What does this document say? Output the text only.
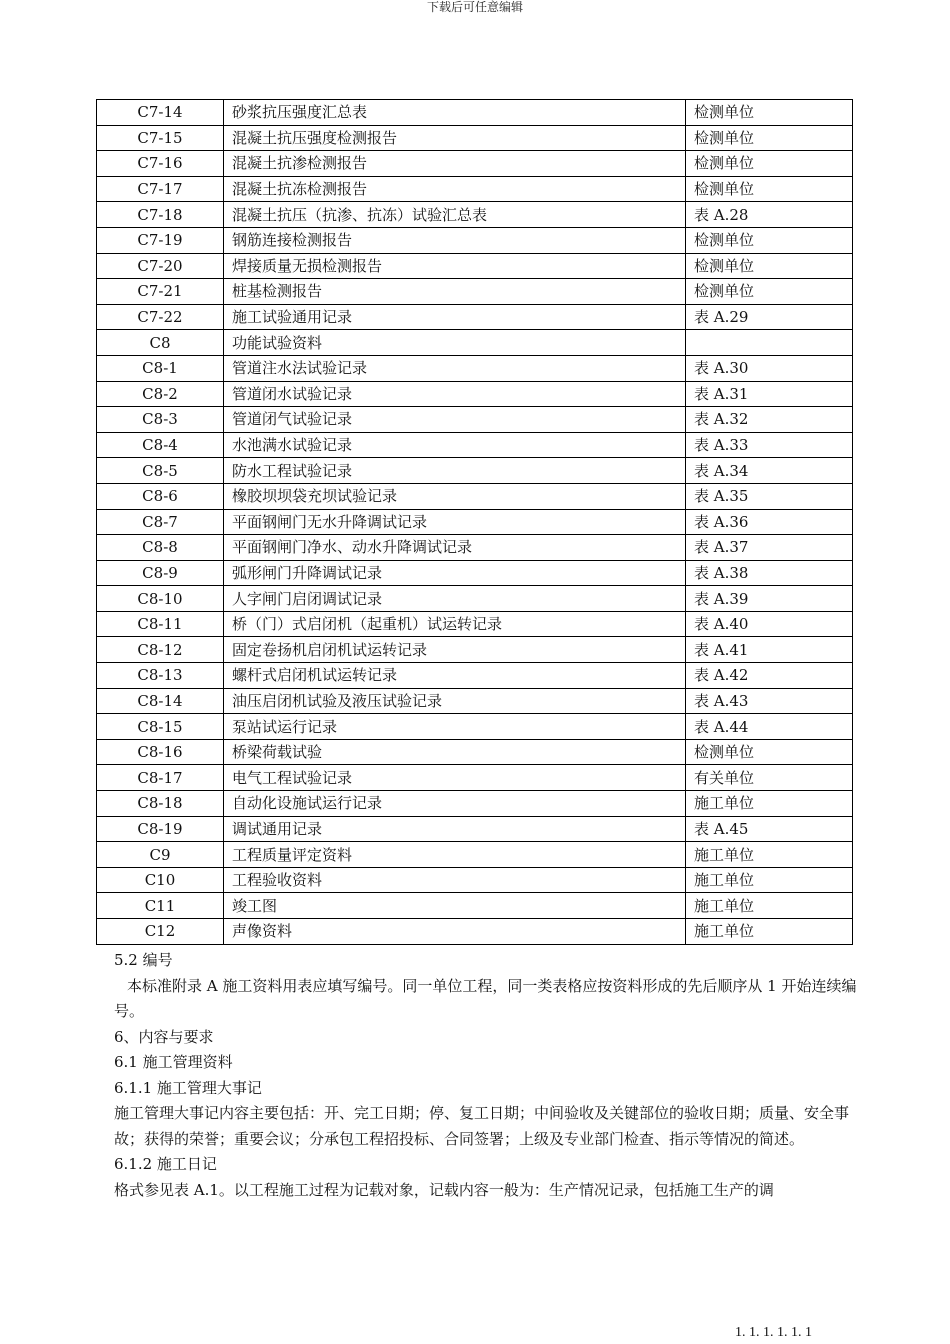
下载后可任意编辑
C7-14	砂浆抗压强度汇总表	检测单位
C7-15	混凝土抗压强度检测报告	检测单位
C7-16	混凝土抗渗检测报告	检测单位
C7-17	混凝土抗冻检测报告	检测单位
C7-18	混凝土抗压（抗渗、抗冻）试验汇总表	表 A.28
C7-19	钢筋连接检测报告	检测单位
C7-20	焊接质量无损检测报告	检测单位
C7-21	桩基检测报告	检测单位
C7-22	施工试验通用记录	表 A.29
C8	功能试验资料	
C8-1	管道注水法试验记录	表 A.30
C8-2	管道闭水试验记录	表 A.31
C8-3	管道闭气试验记录	表 A.32
C8-4	水池满水试验记录	表 A.33
C8-5	防水工程试验记录	表 A.34
C8-6	橡胶坝坝袋充坝试验记录	表 A.35
C8-7	平面钢闸门无水升降调试记录	表 A.36
C8-8	平面钢闸门净水、动水升降调试记录	表 A.37
C8-9	弧形闸门升降调试记录	表 A.38
C8-10	人字闸门启闭调试记录	表 A.39
C8-11	桥（门）式启闭机（起重机）试运转记录	表 A.40
C8-12	固定卷扬机启闭机试运转记录	表 A.41
C8-13	螺杆式启闭机试运转记录	表 A.42
C8-14	油压启闭机试验及液压试验记录	表 A.43
C8-15	泵站试运行记录	表 A.44
C8-16	桥梁荷载试验	检测单位
C8-17	电气工程试验记录	有关单位
C8-18	自动化设施试运行记录	施工单位
C8-19	调试通用记录	表 A.45
C9	工程质量评定资料	施工单位
C10	工程验收资料	施工单位
C11	竣工图	施工单位
C12	声像资料	施工单位

5.2 编号

本标准附录 A 施工资料用表应填写编号。同一单位工程，同一类表格应按资料形成的先后顺序从 1 开始连续编号。

6、内容与要求

6.1 施工管理资料

6.1.1 施工管理大事记

施工管理大事记内容主要包括：开、完工日期；停、复工日期；中间验收及关键部位的验收日期；质量、安全事故；获得的荣誉；重要会议；分承包工程招投标、合同签署；上级及专业部门检查、指示等情况的简述。

6.1.2 施工日记

格式参见表 A.1。以工程施工过程为记载对象，记载内容一般为：生产情况记录，包括施工生产的调

1. 1. 1. 1. 1. 1
